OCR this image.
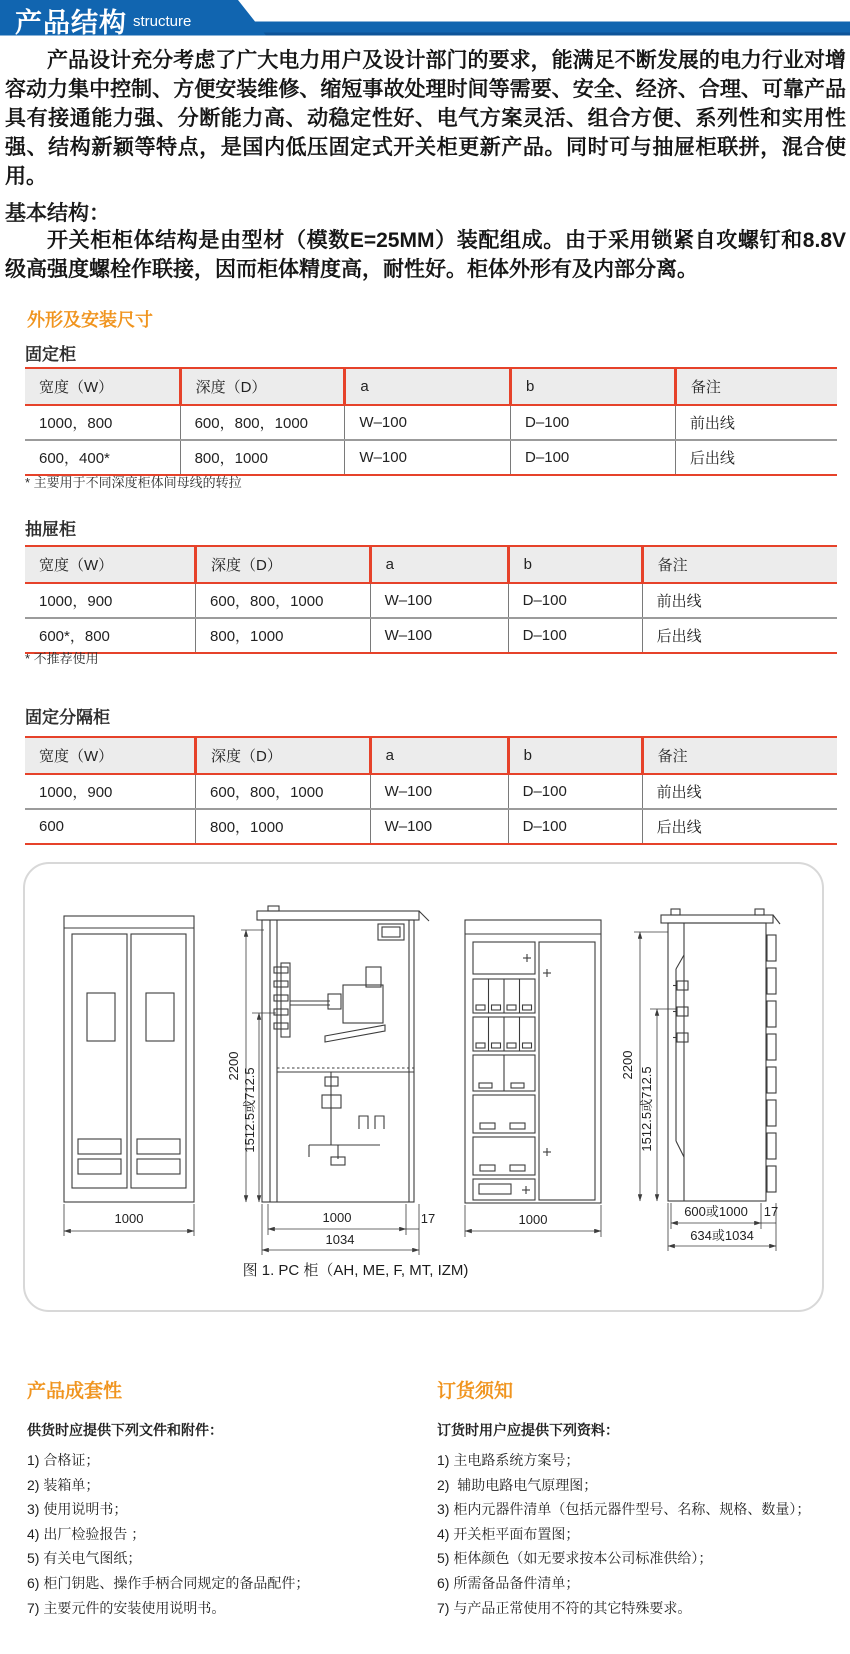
产品结构 structure

产品设计充分考虑了广大电力用户及设计部门的要求，能满足不断发展的电力行业对增容动力集中控制、方便安装维修、缩短事故处理时间等需要、安全、经济、合理、可靠产品具有接通能力强、分断能力高、动稳定性好、电气方案灵活、组合方便、系列性和实用性强、结构新颖等特点，是国内低压固定式开关柜更新产品。同时可与抽屉柜联拼，混合使用。

基本结构：

开关柜柜体结构是由型材（模数E=25MM）装配组成。由于采用锁紧自攻螺钉和8.8V级高强度螺栓作联接，因而柜体精度高，耐性好。柜体外形有及内部分离。

外形及安装尺寸
固定柜
宽度（W）	深度（D）	a	b	备注
1000，800	600，800，1000	W–100	D–100	前出线
600，400*	800，1000	W–100	D–100	后出线

* 主要用于不同深度柜体间母线的转拉

抽屉柜
宽度（W）	深度（D）	a	b	备注
1000，900	600，800，1000	W–100	D–100	前出线
600*，800	800，1000	W–100	D–100	后出线

* 不推荐使用

固定分隔柜
宽度（W）	深度（D）	a	b	备注
1000，900	600，800，1000	W–100	D–100	前出线
600	800，1000	W–100	D–100	后出线
1000
2200
1512.5或712.5
1000	17
1034
1000
2200
1512.5或712.5
600或1000 17
634或1034

图 1. PC 柜（AH, ME, F, MT, IZM)

产品成套性

供货时应提供下列文件和附件：

1) 合格证；
2) 装箱单；
3) 使用说明书；
4) 出厂检验报告 ；
5) 有关电气图纸；
6) 柜门钥匙、操作手柄合同规定的备品配件；
7) 主要元件的安装使用说明书。
订货须知

订货时用户应提供下列资料：

1) 主电路系统方案号；
2)  辅助电路电气原理图；
3) 柜内元器件清单（包括元器件型号、名称、规格、数量）；
4) 开关柜平面布置图；
5) 柜体颜色（如无要求按本公司标准供给）；
6) 所需备品备件清单；
7) 与产品正常使用不符的其它特殊要求。
